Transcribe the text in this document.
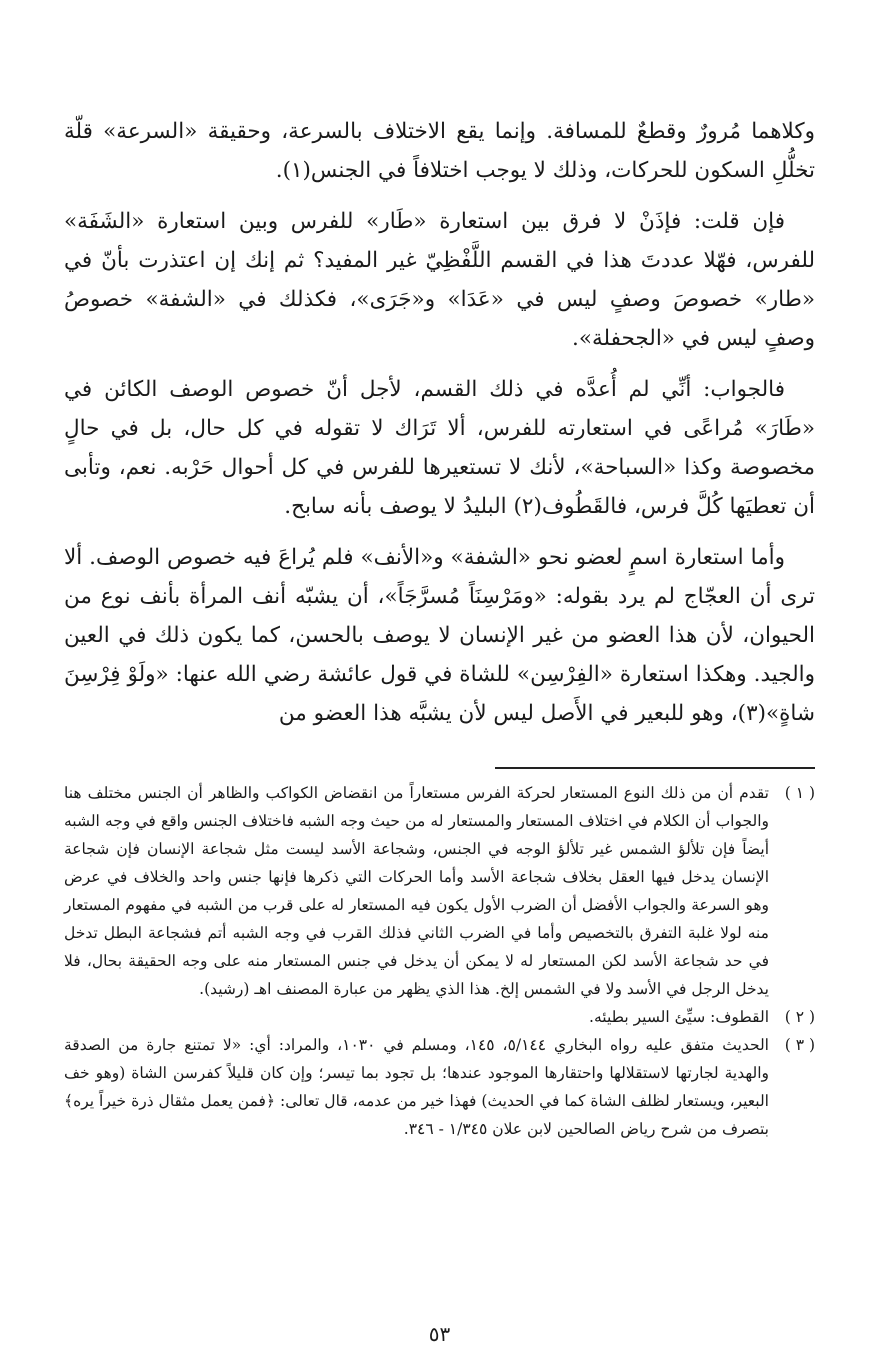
وكلاهما مُرورٌ وقطعٌ للمسافة. وإنما يقع الاختلاف بالسرعة، وحقيقة «السرعة» قلّة تخلُّلِ السكون للحركات، وذلك لا يوجب اختلافاً في الجنس(١).

فإن قلت: فإذَنْ لا فرق بين استعارة «طَار» للفرس وبين استعارة «الشَفَة» للفرس، فهّلا عددتَ هذا في القسم اللَّفْظِيّ غير المفيد؟ ثم إنك إن اعتذرت بأنّ في «طار» خصوصَ وصفٍ ليس في «عَدَا» و«جَرَى»، فكذلك في «الشفة» خصوصُ وصفٍ ليس في «الجحفلة».

فالجواب: أنِّي لم أُعدَّه في ذلك القسم، لأجل أنّ خصوص الوصف الكائن في «طَارَ» مُراعًى في استعارته للفرس، ألا تَرَاك لا تقوله في كل حال، بل في حالٍ مخصوصة وكذا «السباحة»، لأنك لا تستعيرها للفرس في كل أحوال حَرْبه. نعم، وتأبى أن تعطيَها كُلَّ فرس، فالقَطُوف(٢) البليدُ لا يوصف بأنه سابح.

وأما استعارة اسمٍ لعضو نحو «الشفة» و«الأنف» فلم يُراعَ فيه خصوص الوصف. ألا ترى أن العجّاج لم يرد بقوله: «ومَرْسِنَاً مُسرَّجَاً»، أن يشبّه أنف المرأة بأنف نوع من الحيوان، لأن هذا العضو من غير الإنسان لا يوصف بالحسن، كما يكون ذلك في العين والجيد. وهكذا استعارة «الفِرْسِن» للشاة في قول عائشة رضي الله عنها: «ولَوْ فِرْسِنَ شاةٍ»(٣)، وهو للبعير في الأَصل ليس لأن يشبَّه هذا العضو من

( ١ )
تقدم أن من ذلك النوع المستعار لحركة الفرس مستعاراً من انقضاض الكواكب والظاهر أن الجنس مختلف هنا والجواب أن الكلام في اختلاف المستعار والمستعار له من حيث وجه الشبه فاختلاف الجنس واقع في وجه الشبه أيضاً فإن تلألؤ الشمس غير تلألؤ الوجه في الجنس، وشجاعة الأسد ليست مثل شجاعة الإنسان فإن شجاعة الإنسان يدخل فيها العقل بخلاف شجاعة الأسد وأما الحركات التي ذكرها فإنها جنس واحد والخلاف في عرض وهو السرعة والجواب الأفضل أن الضرب الأول يكون فيه المستعار له على قرب من الشبه في مفهوم المستعار منه لولا غلبة التفرق بالتخصيص وأما في الضرب الثاني فذلك القرب في وجه الشبه أتم فشجاعة البطل تدخل في حد شجاعة الأسد لكن المستعار له لا يمكن أن يدخل في جنس المستعار منه على وجه الحقيقة بحال، فلا يدخل الرجل في الأسد ولا في الشمس إلخ. هذا الذي يظهر من عبارة المصنف اهـ (رشيد).
( ٢ )
القطوف: سيِّئ السير بطيئه.
( ٣ )
الحديث متفق عليه رواه البخاري ٥/١٤٤، ١٤٥، ومسلم في ١٠٣٠، والمراد: أي: «لا تمتنع جارة من الصدقة والهدية لجارتها لاستقلالها واحتقارها الموجود عندها؛ بل تجود بما تيسر؛ وإن كان قليلاً كفرسن الشاة (وهو خف البعير، ويستعار لظلف الشاة كما في الحديث) فهذا خير من عدمه، قال تعالى: ﴿فمن يعمل مثقال ذرة خيراً يره﴾ بتصرف من شرح رياض الصالحين لابن علان ١/٣٤٥ - ٣٤٦.
٥٣
